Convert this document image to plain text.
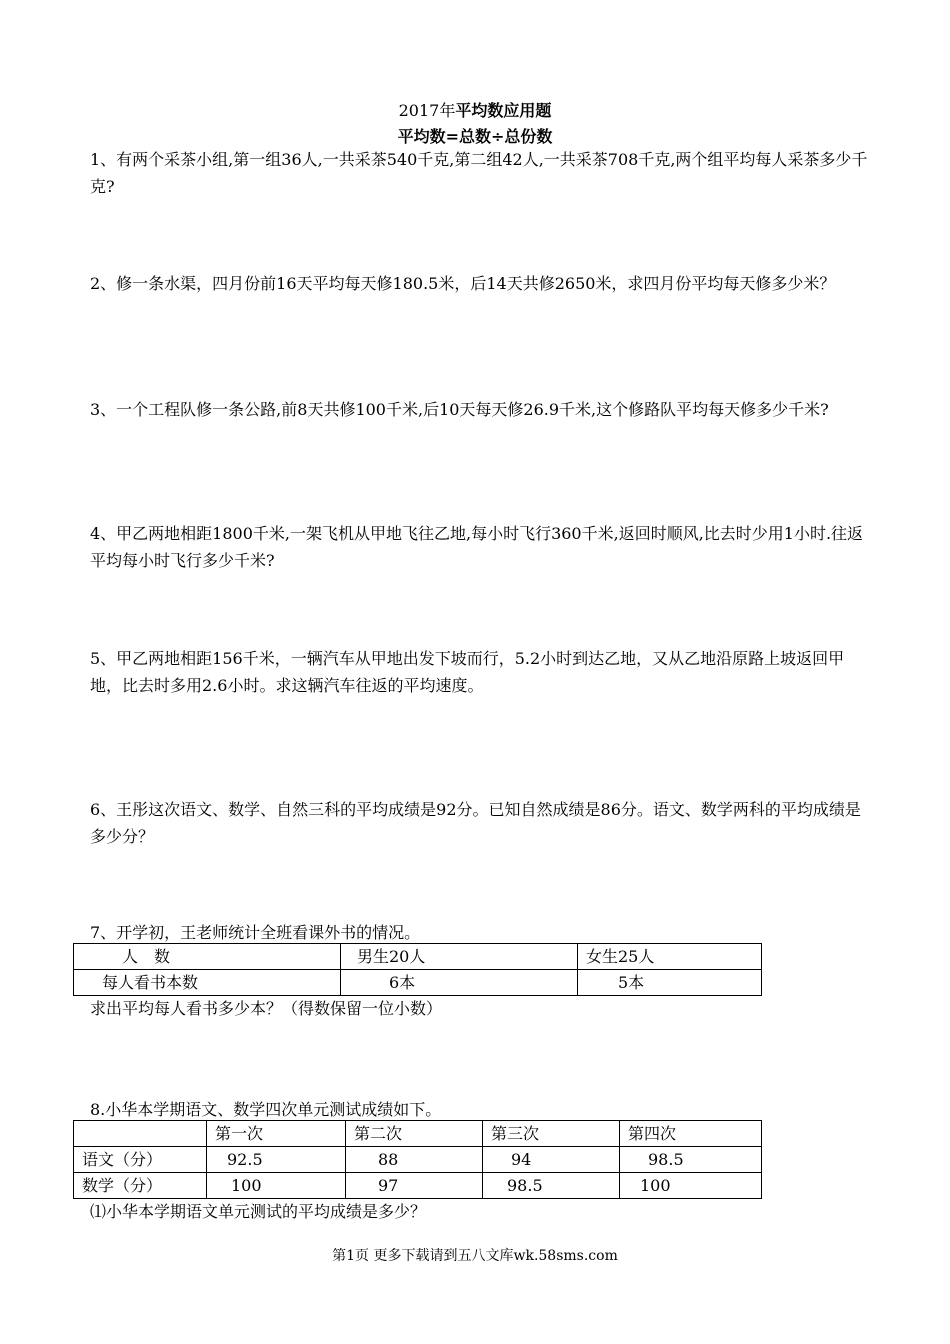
2017年平均数应用题
平均数=总数÷总份数
1、有两个采茶小组,第一组36人,一共采茶540千克,第二组42人,一共采茶708千克,两个组平均每人采茶多少千克?
2、修一条水渠，四月份前16天平均每天修180.5米，后14天共修2650米，求四月份平均每天修多少米？
3、一个工程队修一条公路,前8天共修100千米,后10天每天修26.9千米,这个修路队平均每天修多少千米?
4、甲乙两地相距1800千米,一架飞机从甲地飞往乙地,每小时飞行360千米,返回时顺风,比去时少用1小时.往返平均每小时飞行多少千米?
5、甲乙两地相距156千米，一辆汽车从甲地出发下坡而行，5.2小时到达乙地，又从乙地沿原路上坡返回甲地，比去时多用2.6小时。求这辆汽车往返的平均速度。
6、王彤这次语文、数学、自然三科的平均成绩是92分。已知自然成绩是86分。语文、数学两科的平均成绩是多少分？
7、开学初，王老师统计全班看课外书的情况。
人　数	男生20人	女生25人
每人看书本数	6本	5本
求出平均每人看书多少本？（得数保留一位小数）
8.小华本学期语文、数学四次单元测试成绩如下。
	第一次	第二次	第三次	第四次
语文（分）	92.5	88	94	98.5
数学（分）	100	97	98.5	100
⑴小华本学期语文单元测试的平均成绩是多少？
第1页 更多下载请到五八文库wk.58sms.com
